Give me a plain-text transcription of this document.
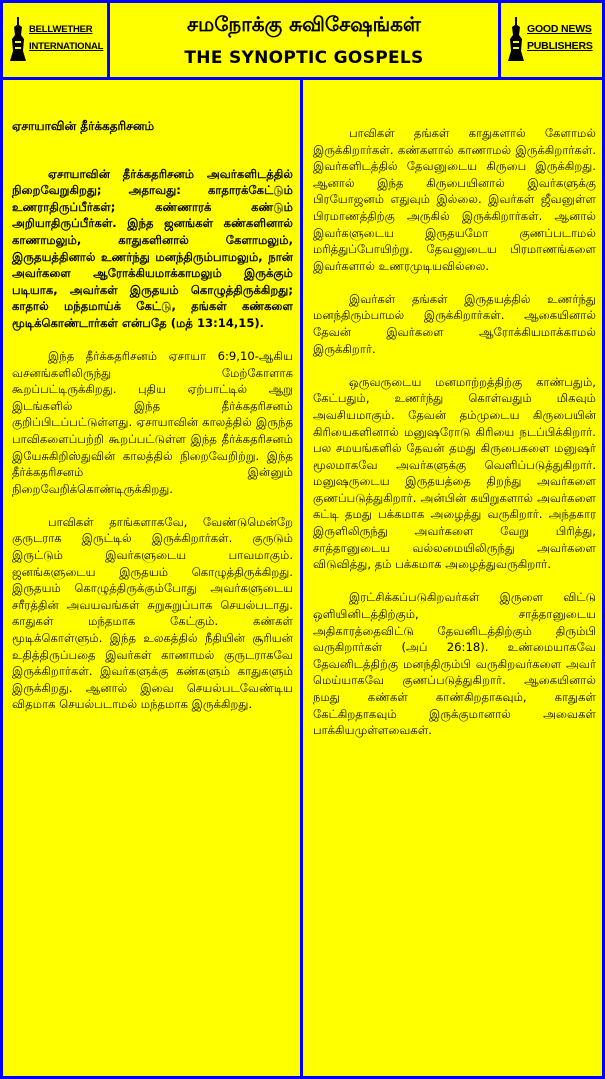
BELLWETHER
INTERNATIONAL
சமநோக்கு சுவிசேஷங்கள்
THE SYNOPTIC GOSPELS
GOOD NEWS
PUBLISHERS
ஏசாயாவின் தீர்க்கதரிசனம்

ஏசாயாவின் தீர்க்கதரிசனம் அவர்களிடத்தில் நிறைவேறுகிறது; அதாவது: காதாரக்கேட்டும் உணராதிருப்பீர்கள்; கண்ணாரக் கண்டும் அறியாதிருப்பீர்கள். இந்த ஜனங்கள் கண்களினால் காணாமலும், காதுகளினால் கேளாமலும், இருதயத்தினால் உணர்ந்து மனந்திரும்பாமலும், நான் அவர்களை ஆரோக்கியமாக்காமலும் இருக்கும் படியாக, அவர்கள் இருதயம் கொழுத்திருக்கிறது; காதால் மந்தமாய்க் கேட்டு, தங்கள் கண்களை மூடிக்கொண்டார்கள் என்பதே (மத் 13:14,15).

இந்த தீர்க்கதரிசனம் ஏசாயா 6:9,10-ஆகிய வசனங்களிலிருந்து மேற்கோளாக கூறப்பட்டிருக்கிறது. புதிய ஏற்பாட்டில் ஆறு இடங்களில் இந்த தீர்க்கதரிசனம் குறிப்பிடப்பட்டுள்ளது. ஏசாயாவின் காலத்தில் இருந்த பாவிகளைப்பற்றி கூறப்பட்டுள்ள இந்த தீர்க்கதரிசனம் இயேசுகிறிஸ்துவின் காலத்தில் நிறைவேறிற்று. இந்த தீர்க்கதரிசனம் இன்னும் நிறைவேறிக்கொண்டிருக்கிறது.

பாவிகள் தாங்களாகவே, வேண்டுமென்றே குருடராக இருட்டில் இருக்கிறார்கள். குருடும் இருட்டும் இவர்களுடைய பாவமாகும். ஜனங்களுடைய இருதயம் கொழுத்திருக்கிறது. இருதயம் கொழுத்திருக்கும்போது அவர்களுடைய சரீரத்தின் அவயவங்கள் சுறுசுறுப்பாக செயல்படாது. காதுகள் மந்தமாக கேட்கும். கண்கள் மூடிக்கொள்ளும். இந்த உலகத்தில் நீதியின் சூரியன் உதித்திருப்பதை இவர்கள் காணாமல் குருடராகவே இருக்கிறார்கள். இவர்களுக்கு கண்களும் காதுகளும் இருக்கிறது. ஆனால் இவை செயல்படவேண்டிய விதமாக செயல்படாமல் மந்தமாக இருக்கிறது.

பாவிகள் தங்கள் காதுகளால் கேளாமல் இருக்கிறார்கள். கண்களால் காணாமல் இருக்கிறார்கள். இவர்களிடத்தில் தேவனுடைய கிருபை இருக்கிறது. ஆனால் இந்த கிருபையினால் இவர்களுக்கு பிரயோஜனம் எதுவும் இல்லை. இவர்கள் ஜீவனுள்ள பிரமாணத்திற்கு அருகில் இருக்கிறார்கள். ஆனால் இவர்களுடைய இருதயமோ குணப்படாமல் மரித்துப்போயிற்று. தேவனுடைய பிரமாணங்களை இவர்களால் உணரமுடியவில்லை.

இவர்கள் தங்கள் இருதயத்தில் உணர்ந்து மனந்திரும்பாமல் இருக்கிறார்கள். ஆகையினால் தேவன் இவர்களை ஆரோக்கியமாக்காமல் இருக்கிறார்.

ஒருவருடைய மனமாற்றத்திற்கு காண்பதும், கேட்பதும், உணர்ந்து கொள்வதும் மிகவும் அவசியமாகும். தேவன் தம்முடைய கிருபையின் கிரியைகளினால் மனுஷரோடு கிரியை நடப்பிக்கிறார். பல சமயங்களில் தேவன் தமது கிருபைகளை மனுஷர் மூலமாகவே அவர்களுக்கு வெளிப்படுத்துகிறார். மனுஷருடைய இருதயத்தை திறந்து அவர்களை குணப்படுத்துகிறார். அன்பின் கயிறுகளால் அவர்களை கட்டி தமது பக்கமாக அழைத்து வருகிறார். அந்தகார இருளிலிருந்து அவர்களை வேறு பிரித்து, சாத்தானுடைய வல்லமையிலிருந்து அவர்களை விடுவித்து, தம் பக்கமாக அழைத்துவருகிறார்.

இரட்சிக்கப்படுகிறவர்கள் இருளை விட்டு ஒளியினிடத்திற்கும், சாத்தானுடைய அதிகாரத்தைவிட்டு தேவனிடத்திற்கும் திரும்பி வருகிறார்கள் (அப் 26:18). உண்மையாகவே தேவனிடத்திற்கு மனந்திரும்பி வருகிறவர்களை அவர் மெய்யாகவே குணப்படுத்துகிறார். ஆகையினால் நமது கண்கள் காண்கிறதாகவும், காதுகள் கேட்கிறதாகவும் இருக்குமானால் அவைகள் பாக்கியமுள்ளவைகள்.
